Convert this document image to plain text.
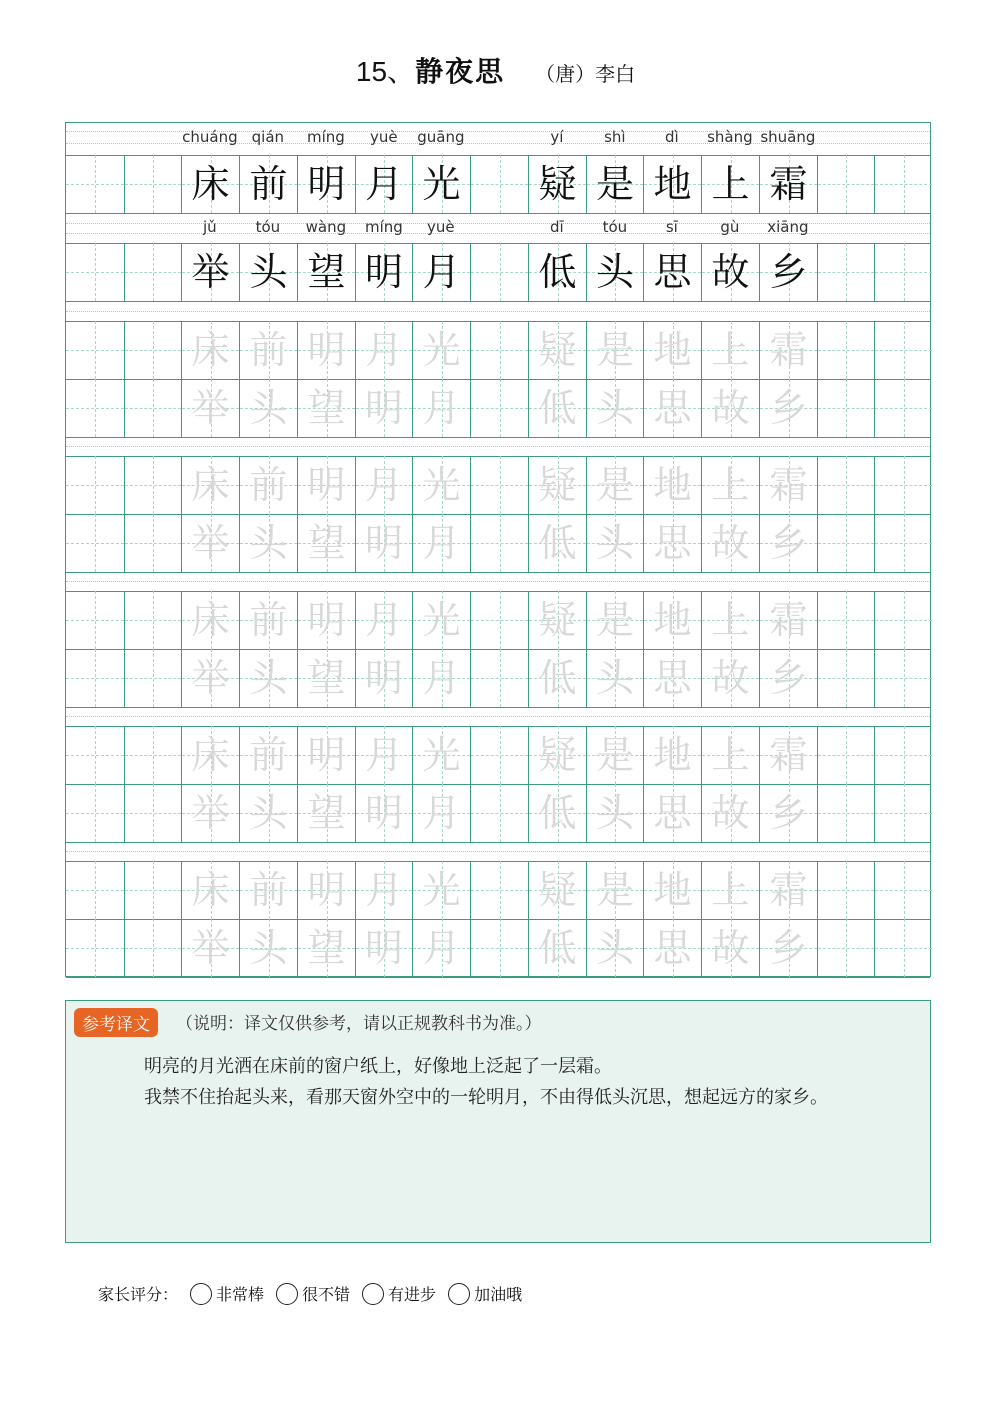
15、静夜思 （唐）李白
chuáng qián míng yuè guāng	yí	shì	dì shàng shuāng
床 前 明 月 光 疑 是 地 上 霜
jǔ	tóu wàng míng yuè	dī	tóu	sī	gù xiāng
举 头 望 明 月 低 头 思 故 乡
床 前 明 月 光 疑 是 地 上 霜
举 头 望 明 月 低 头 思 故 乡
床 前 明 月 光 疑 是 地 上 霜
举 头 望 明 月 低 头 思 故 乡
床 前 明 月 光 疑 是 地 上 霜
举 头 望 明 月 低 头 思 故 乡
床 前 明 月 光 疑 是 地 上 霜
举 头 望 明 月 低 头 思 故 乡
床 前 明 月 光 疑 是 地 上 霜
举 头 望 明 月 低 头 思 故 乡
参考译文	（说明：译文仅供参考，请以正规教科书为准。）

明亮的月光洒在床前的窗户纸上，好像地上泛起了一层霜。

我禁不住抬起头来，看那天窗外空中的一轮明月，不由得低头沉思，想起远方的家乡。

家长评分： 非常棒 很不错 有进步 加油哦
